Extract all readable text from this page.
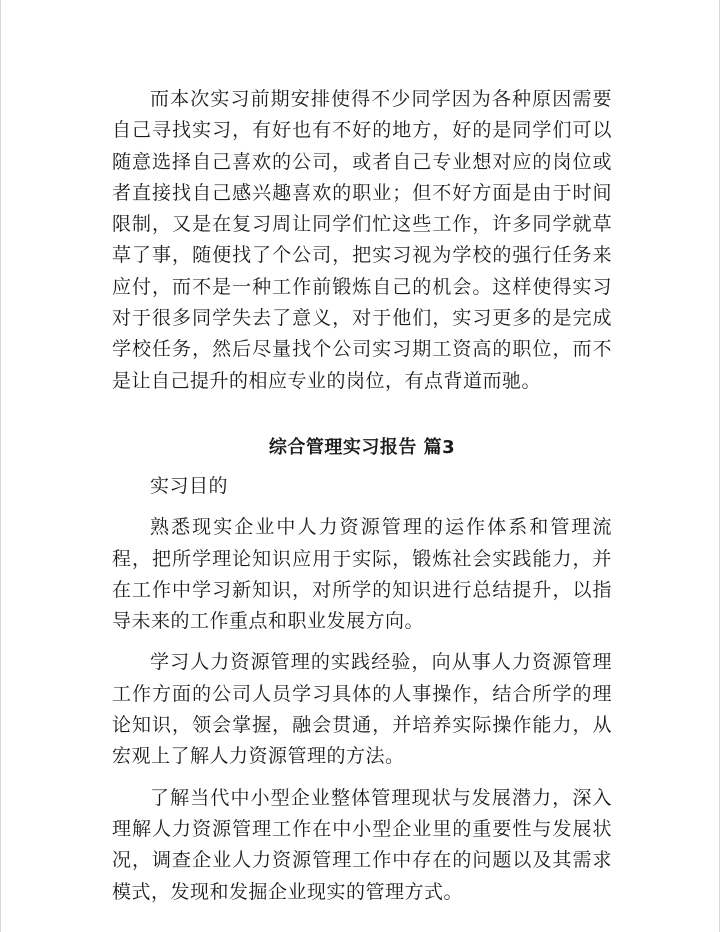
而本次实习前期安排使得不少同学因为各种原因需要自己寻找实习，有好也有不好的地方，好的是同学们可以随意选择自己喜欢的公司，或者自己专业想对应的岗位或者直接找自己感兴趣喜欢的职业；但不好方面是由于时间限制，又是在复习周让同学们忙这些工作，许多同学就草草了事，随便找了个公司，把实习视为学校的强行任务来应付，而不是一种工作前锻炼自己的机会。这样使得实习对于很多同学失去了意义，对于他们，实习更多的是完成学校任务，然后尽量找个公司实习期工资高的职位，而不是让自己提升的相应专业的岗位，有点背道而驰。

综合管理实习报告 篇3

实习目的

熟悉现实企业中人力资源管理的运作体系和管理流程，把所学理论知识应用于实际，锻炼社会实践能力，并在工作中学习新知识，对所学的知识进行总结提升，以指导未来的工作重点和职业发展方向。

学习人力资源管理的实践经验，向从事人力资源管理工作方面的公司人员学习具体的人事操作，结合所学的理论知识，领会掌握，融会贯通，并培养实际操作能力，从宏观上了解人力资源管理的方法。

了解当代中小型企业整体管理现状与发展潜力，深入理解人力资源管理工作在中小型企业里的重要性与发展状况，调查企业人力资源管理工作中存在的问题以及其需求模式，发现和发掘企业现实的管理方式。
